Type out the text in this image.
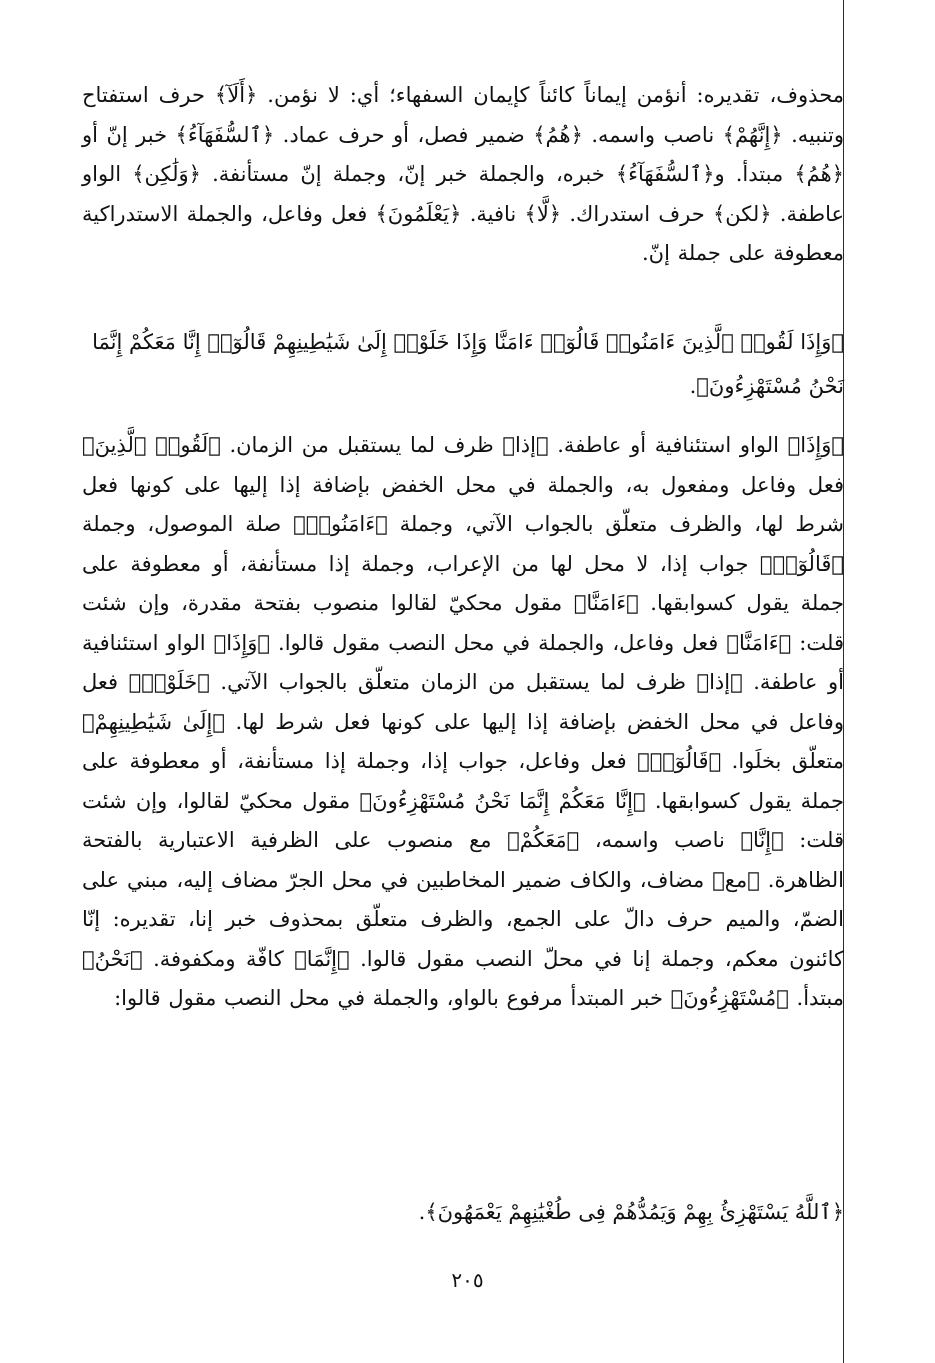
محذوف، تقديره: أنؤمن إيماناً كائناً كإيمان السفهاء؛ أي: لا نؤمن. ﴿أَلَآ﴾ حرف استفتاح وتنبيه. ﴿إِنَّهُمْ﴾ ناصب واسمه. ﴿هُمُ﴾ ضمير فصل، أو حرف عماد. ﴿ٱلسُّفَهَآءُ﴾ خبر إنّ أو ﴿هُمُ﴾ مبتدأ. و﴿ٱلسُّفَهَآءُ﴾ خبره، والجملة خبر إنّ، وجملة إنّ مستأنفة. ﴿وَلَٰكِن﴾ الواو عاطفة. ﴿لكن﴾ حرف استدراك. ﴿لَّا﴾ نافية. ﴿يَعْلَمُونَ﴾ فعل وفاعل، والجملة الاستدراكية معطوفة على جملة إنّ.

﴿وَإِذَا لَقُوا۟ ٱلَّذِينَ ءَامَنُوا۟ قَالُوٓا۟ ءَامَنَّا وَإِذَا خَلَوْا۟ إِلَىٰ شَيَٰطِينِهِمْ قَالُوٓا۟ إِنَّا مَعَكُمْ إِنَّمَا نَحْنُ مُسْتَهْزِءُونَ﴾.

﴿وَإِذَا﴾ الواو استئنافية أو عاطفة. ﴿إذا﴾ ظرف لما يستقبل من الزمان. ﴿لَقُوا۟ ٱلَّذِينَ﴾ فعل وفاعل ومفعول به، والجملة في محل الخفض بإضافة إذا إليها على كونها فعل شرط لها، والظرف متعلّق بالجواب الآتي، وجملة ﴿ءَامَنُوا۟﴾ صلة الموصول، وجملة ﴿قَالُوٓا۟﴾ جواب إذا، لا محل لها من الإعراب، وجملة إذا مستأنفة، أو معطوفة على جملة يقول كسوابقها. ﴿ءَامَنَّا﴾ مقول محكيّ لقالوا منصوب بفتحة مقدرة، وإن شئت قلت: ﴿ءَامَنَّا﴾ فعل وفاعل، والجملة في محل النصب مقول قالوا. ﴿وَإِذَا﴾ الواو استئنافية أو عاطفة. ﴿إذا﴾ ظرف لما يستقبل من الزمان متعلّق بالجواب الآتي. ﴿خَلَوْا۟﴾ فعل وفاعل في محل الخفض بإضافة إذا إليها على كونها فعل شرط لها. ﴿إِلَىٰ شَيَٰطِينِهِمْ﴾ متعلّق بخلَوا. ﴿قَالُوٓا۟﴾ فعل وفاعل، جواب إذا، وجملة إذا مستأنفة، أو معطوفة على جملة يقول كسوابقها. ﴿إِنَّا مَعَكُمْ إِنَّمَا نَحْنُ مُسْتَهْزِءُونَ﴾ مقول محكيّ لقالوا، وإن شئت قلت: ﴿إِنَّا﴾ ناصب واسمه، ﴿مَعَكُمْ﴾ مع منصوب على الظرفية الاعتبارية بالفتحة الظاهرة. ﴿مع﴾ مضاف، والكاف ضمير المخاطبين في محل الجرّ مضاف إليه، مبني على الضمّ، والميم حرف دالّ على الجمع، والظرف متعلّق بمحذوف خبر إنا، تقديره: إنّا كائنون معكم، وجملة إنا في محلّ النصب مقول قالوا. ﴿إِنَّمَا﴾ كافّة ومكفوفة. ﴿نَحْنُ﴾ مبتدأ. ﴿مُسْتَهْزِءُونَ﴾ خبر المبتدأ مرفوع بالواو، والجملة في محل النصب مقول قالوا:

﴿ٱللَّهُ يَسْتَهْزِئُ بِهِمْ وَيَمُدُّهُمْ فِى طُغْيَٰنِهِمْ يَعْمَهُونَ﴾.
٢٠٥
